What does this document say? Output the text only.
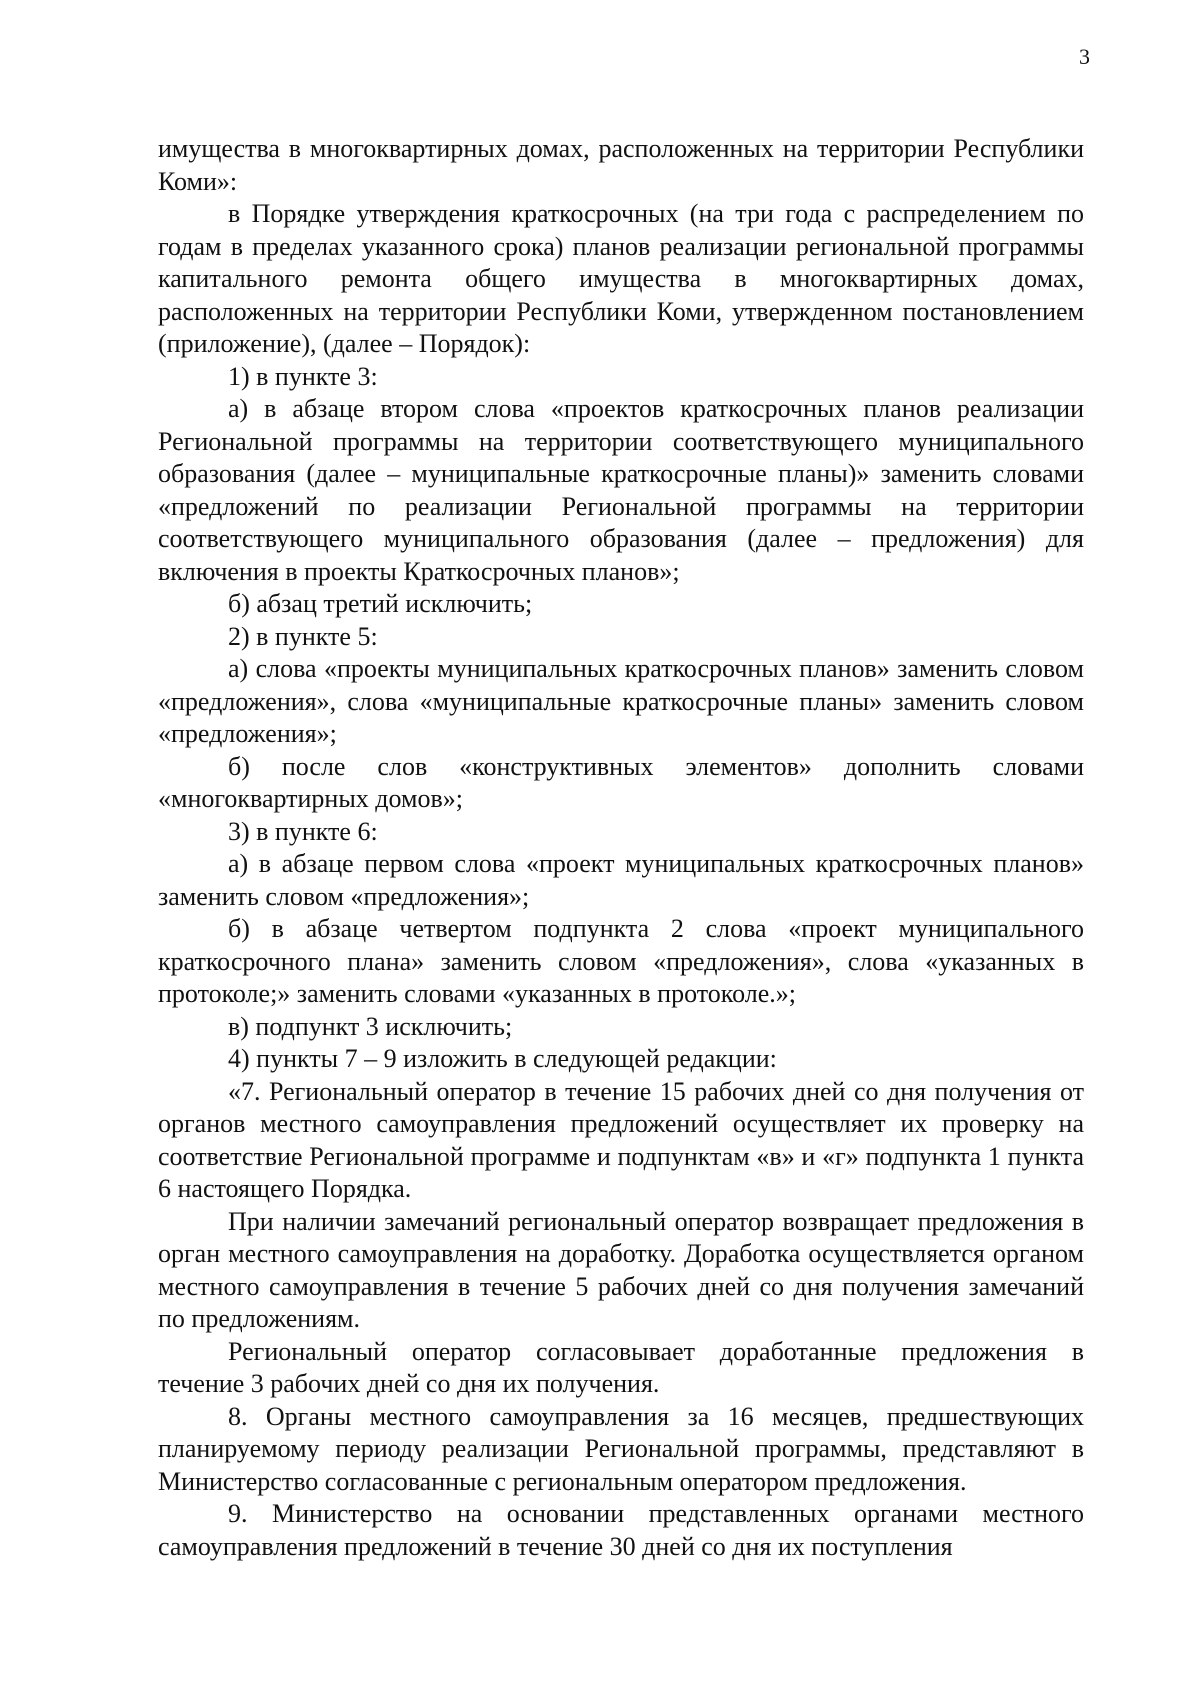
3

имущества в многоквартирных домах, расположенных на территории Республики Коми»:

в Порядке утверждения краткосрочных (на три года с распределением по годам в пределах указанного срока) планов реализации региональной программы капитального ремонта общего имущества в многоквартирных домах, расположенных на территории Республики Коми, утвержденном постановлением (приложение), (далее – Порядок):

1) в пункте 3:

а) в абзаце втором слова «проектов краткосрочных планов реализации Региональной программы на территории соответствующего муниципального образования (далее – муниципальные краткосрочные планы)» заменить словами «предложений по реализации Региональной программы на территории соответствующего муниципального образования (далее – предложения) для включения в проекты Краткосрочных планов»;

б) абзац третий исключить;

2) в пункте 5:

а) слова «проекты муниципальных краткосрочных планов» заменить словом «предложения», слова «муниципальные краткосрочные планы» заменить словом «предложения»;

б) после слов «конструктивных элементов» дополнить словами «многоквартирных домов»;

3) в пункте 6:

а) в абзаце первом слова «проект муниципальных краткосрочных планов» заменить словом «предложения»;

б) в абзаце четвертом подпункта 2 слова «проект муниципального краткосрочного плана» заменить словом «предложения», слова «указанных в протоколе;» заменить словами «указанных в протоколе.»;

в) подпункт 3 исключить;

4) пункты 7 – 9 изложить в следующей редакции:

«7. Региональный оператор в течение 15 рабочих дней со дня получения от органов местного самоуправления предложений осуществляет их проверку на соответствие Региональной программе и подпунктам «в» и «г» подпункта 1 пункта 6 настоящего Порядка.

При наличии замечаний региональный оператор возвращает предложения в орган местного самоуправления на доработку. Доработка осуществляется органом местного самоуправления в течение 5 рабочих дней со дня получения замечаний по предложениям.

Региональный оператор согласовывает доработанные предложения в течение 3 рабочих дней со дня их получения.

8. Органы местного самоуправления за 16 месяцев, предшествующих планируемому периоду реализации Региональной программы, представляют в Министерство согласованные с региональным оператором предложения.

9. Министерство на основании представленных органами местного самоуправления предложений в течение 30 дней со дня их поступления
